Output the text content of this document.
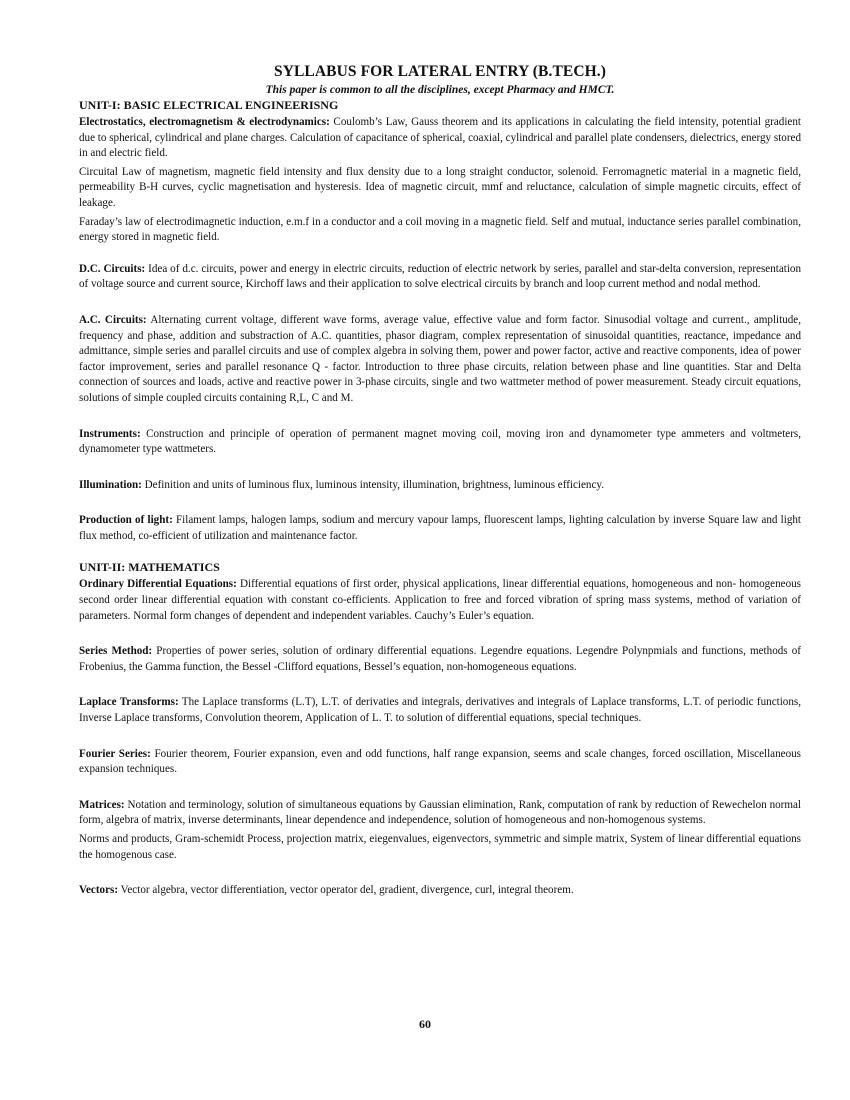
SYLLABUS FOR LATERAL ENTRY (B.TECH.)
This paper is common to all the disciplines, except Pharmacy and HMCT.
UNIT-I: BASIC ELECTRICAL ENGINEERISNG

Electrostatics, electromagnetism & electrodynamics: Coulomb’s Law, Gauss theorem and its applications in calculating the field intensity, potential gradient due to spherical, cylindrical and plane charges. Calculation of capacitance of spherical, coaxial, cylindrical and parallel plate condensers, dielectrics, energy stored in and electric field.

Circuital Law of magnetism, magnetic field intensity and flux density due to a long straight conductor, solenoid. Ferromagnetic material in a magnetic field, permeability B-H curves, cyclic magnetisation and hysteresis. Idea of magnetic circuit, mmf and reluctance, calculation of simple magnetic circuits, effect of leakage.

Faraday’s law of electrodimagnetic induction, e.m.f in a conductor and a coil moving in a magnetic field. Self and mutual, inductance series parallel combination, energy stored in magnetic field.

D.C. Circuits: Idea of d.c. circuits, power and energy in electric circuits, reduction of electric network by series, parallel and star-delta conversion, representation of voltage source and current source, Kirchoff laws and their application to solve electrical circuits by branch and loop current method and nodal method.

A.C. Circuits: Alternating current voltage, different wave forms, average value, effective value and form factor. Sinusodial voltage and current., amplitude, frequency and phase, addition and substraction of A.C. quantities, phasor diagram, complex representation of sinusoidal quantities, reactance, impedance and admittance, simple series and parallel circuits and use of complex algebra in solving them, power and power factor, active and reactive components, idea of power factor improvement, series and parallel resonance Q - factor. Introduction to three phase circuits, relation between phase and line quantities. Star and Delta connection of sources and loads, active and reactive power in 3-phase circuits, single and two wattmeter method of power measurement. Steady circuit equations, solutions of simple coupled circuits containing R,L, C and M.

Instruments: Construction and principle of operation of permanent magnet moving coil, moving iron and dynamometer type ammeters and voltmeters, dynamometer type wattmeters.

Illumination: Definition and units of luminous flux, luminous intensity, illumination, brightness, luminous efficiency.

Production of light: Filament lamps, halogen lamps, sodium and mercury vapour lamps, fluorescent lamps, lighting calculation by inverse Square law and light flux method, co-efficient of utilization and maintenance factor.

UNIT-II: MATHEMATICS

Ordinary Differential Equations: Differential equations of first order, physical applications, linear differential equations, homogeneous and non- homogeneous second order linear differential equation with constant co-efficients. Application to free and forced vibration of spring mass systems, method of variation of parameters. Normal form changes of dependent and independent variables. Cauchy’s Euler’s equation.

Series Method: Properties of power series, solution of ordinary differential equations. Legendre equations. Legendre Polynpmials and functions, methods of Frobenius, the Gamma function, the Bessel -Clifford equations, Bessel’s equation, non-homogeneous equations.

Laplace Transforms: The Laplace transforms (L.T), L.T. of derivaties and integrals, derivatives and integrals of Laplace transforms, L.T. of periodic functions, Inverse Laplace transforms, Convolution theorem, Application of L. T. to solution of differential equations, special techniques.

Fourier Series: Fourier theorem, Fourier expansion, even and odd functions, half range expansion, seems and scale changes, forced oscillation, Miscellaneous expansion techniques.

Matrices: Notation and terminology, solution of simultaneous equations by Gaussian elimination, Rank, computation of rank by reduction of Rewechelon normal form, algebra of matrix, inverse determinants, linear dependence and independence, solution of homogeneous and non-homogenous systems.

Norms and products, Gram-schemidt Process, projection matrix, eiegenvalues, eigenvectors, symmetric and simple matrix, System of linear differential equations the homogenous case.

Vectors: Vector algebra, vector differentiation, vector operator del, gradient, divergence, curl, integral theorem.

60
